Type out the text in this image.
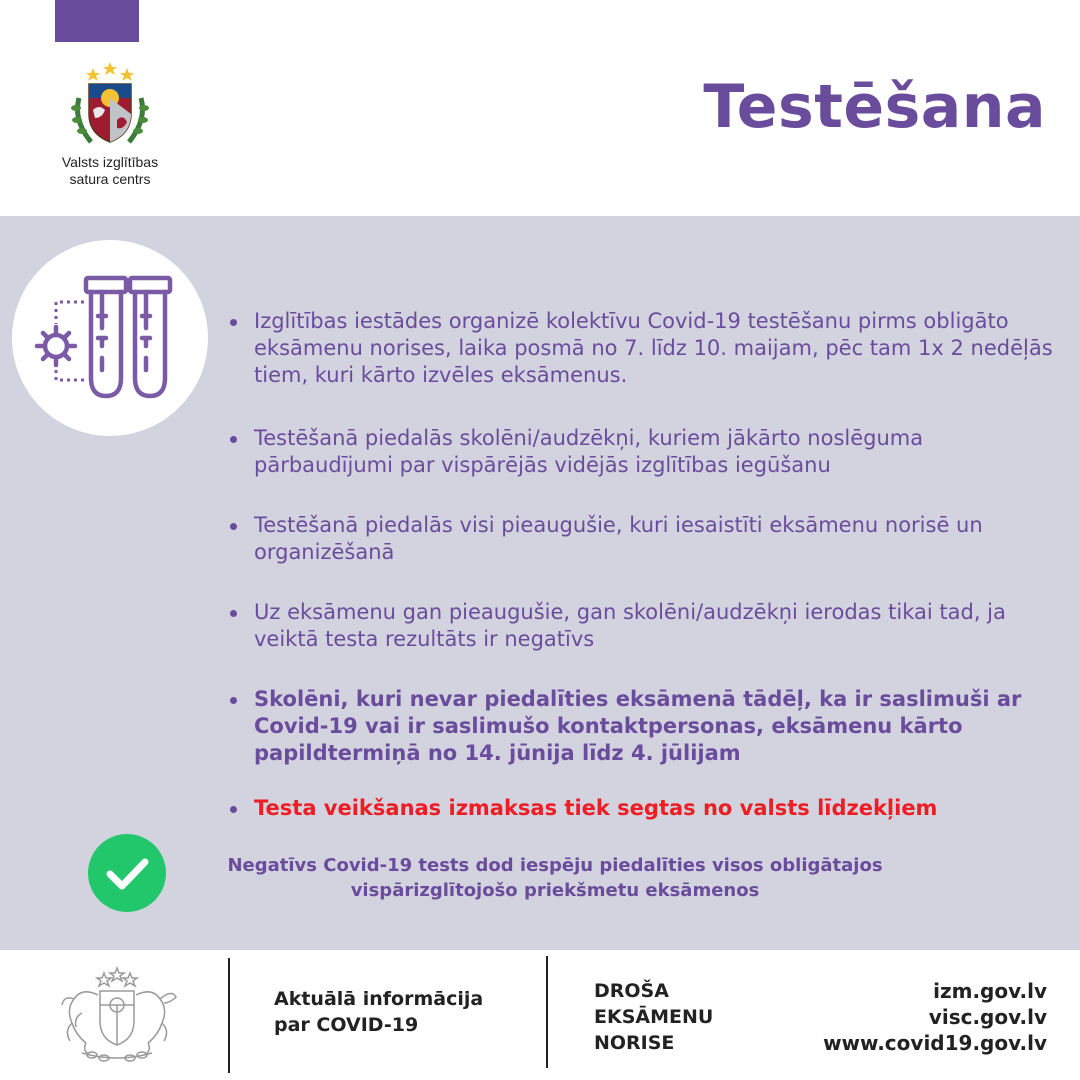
Valsts izglītības
satura centrs
Testēšana
Izglītības iestādes organizē kolektīvu Covid-19 testēšanu pirms obligāto eksāmenu norises, laika posmā no 7. līdz 10. maijam, pēc tam 1x 2 nedēļās tiem, kuri kārto izvēles eksāmenus.
Testēšanā piedalās skolēni/audzēkņi, kuriem jākārto noslēguma pārbaudījumi par vispārējās vidējās izglītības iegūšanu
Testēšanā piedalās visi pieaugušie, kuri iesaistīti eksāmenu norisē un organizēšanā
Uz eksāmenu gan pieaugušie, gan skolēni/audzēkņi ierodas tikai tad, ja veiktā testa rezultāts ir negatīvs
Skolēni, kuri nevar piedalīties eksāmenā tādēļ, ka ir saslimuši ar Covid-19 vai ir saslimušo kontaktpersonas, eksāmenu kārto papildtermiņā no 14. jūnija līdz 4. jūlijam
Testa veikšanas izmaksas tiek segtas no valsts līdzekļiem
Negatīvs Covid-19 tests dod iespēju piedalīties visos obligātajos
vispārizglītojošo priekšmetu eksāmenos
Aktuālā informācija
par COVID-19
DROŠA
EKSĀMENU
NORISE
izm.gov.lv
visc.gov.lv
www.covid19.gov.lv
